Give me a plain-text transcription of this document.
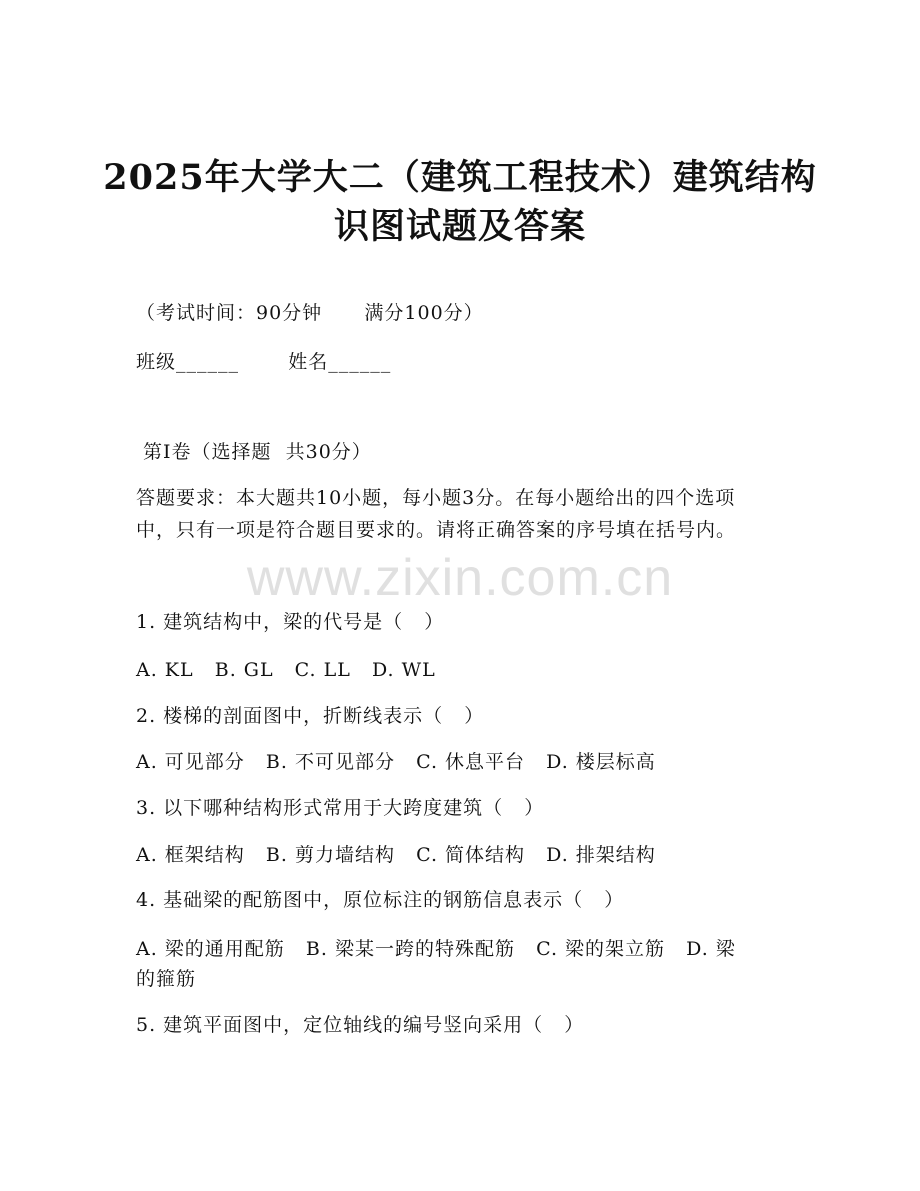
2025年大学大二（建筑工程技术）建筑结构
识图试题及答案
（考试时间：90分钟      满分100分）
班级______       姓名______
第Ⅰ卷（选择题  共30分）
答题要求：本大题共10小题，每小题3分。在每小题给出的四个选项
中，只有一项是符合题目要求的。请将正确答案的序号填在括号内。
www.zixin.com.cn
1. 建筑结构中，梁的代号是（   ）
A. KL   B. GL   C. LL   D. WL
2. 楼梯的剖面图中，折断线表示（   ）
A. 可见部分   B. 不可见部分   C. 休息平台   D. 楼层标高
3. 以下哪种结构形式常用于大跨度建筑（   ）
A. 框架结构   B. 剪力墙结构   C. 简体结构   D. 排架结构
4. 基础梁的配筋图中，原位标注的钢筋信息表示（   ）
A. 梁的通用配筋   B. 梁某一跨的特殊配筋   C. 梁的架立筋   D. 梁
的箍筋
5. 建筑平面图中，定位轴线的编号竖向采用（   ）
